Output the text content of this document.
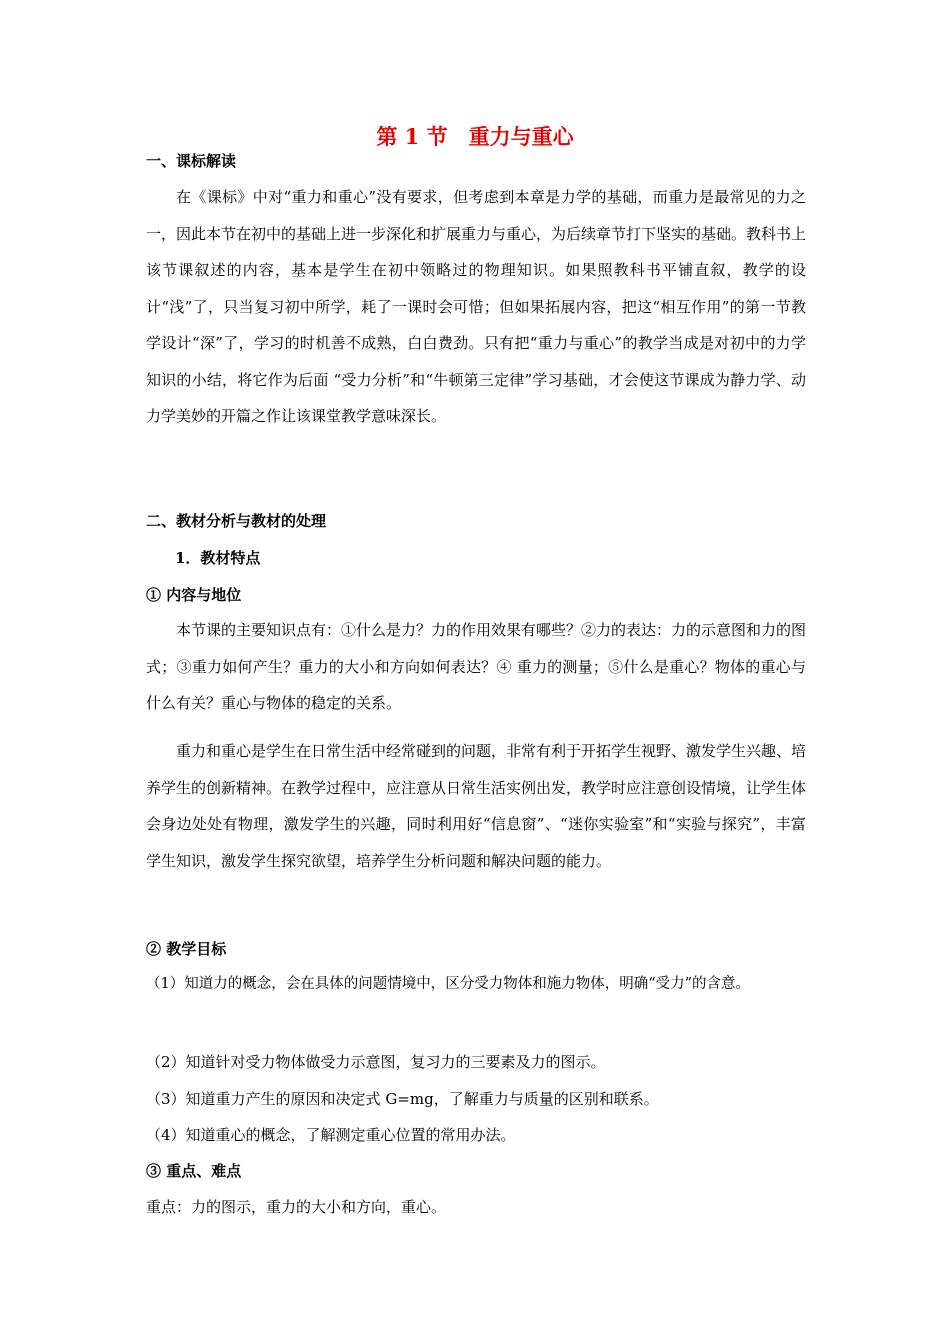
第 1 节　重力与重心
一、课标解读
在《课标》中对“重力和重心”没有要求，但考虑到本章是力学的基础，而重力是最常见的力之一，因此本节在初中的基础上进一步深化和扩展重力与重心，为后续章节打下坚实的基础。教科书上该节课叙述的内容，基本是学生在初中领略过的物理知识。如果照教科书平铺直叙，教学的设计“浅”了，只当复习初中所学，耗了一课时会可惜；但如果拓展内容，把这“相互作用”的第一节教学设计“深”了，学习的时机善不成熟，白白费劲。只有把“重力与重心”的教学当成是对初中的力学知识的小结，将它作为后面 “受力分析”和“牛顿第三定律”学习基础，才会使这节课成为静力学、动力学美妙的开篇之作让该课堂教学意味深长。
二、教材分析与教材的处理
1．教材特点
① 内容与地位
本节课的主要知识点有：①什么是力？力的作用效果有哪些？②力的表达：力的示意图和力的图式；③重力如何产生？重力的大小和方向如何表达？④ 重力的测量；⑤什么是重心？物体的重心与什么有关？重心与物体的稳定的关系。
重力和重心是学生在日常生活中经常碰到的问题，非常有利于开拓学生视野、激发学生兴趣、培养学生的创新精神。在教学过程中，应注意从日常生活实例出发，教学时应注意创设情境，让学生体会身边处处有物理，激发学生的兴趣，同时利用好“信息窗”、“迷你实验室”和“实验与探究”，丰富学生知识，激发学生探究欲望，培养学生分析问题和解决问题的能力。
② 教学目标
（1）知道力的概念，会在具体的问题情境中，区分受力物体和施力物体，明确“受力”的含意。
（2）知道针对受力物体做受力示意图，复习力的三要素及力的图示。
（3）知道重力产生的原因和决定式 G=mg，了解重力与质量的区别和联系。
（4）知道重心的概念，了解测定重心位置的常用办法。
③ 重点、难点
重点：力的图示，重力的大小和方向，重心。
